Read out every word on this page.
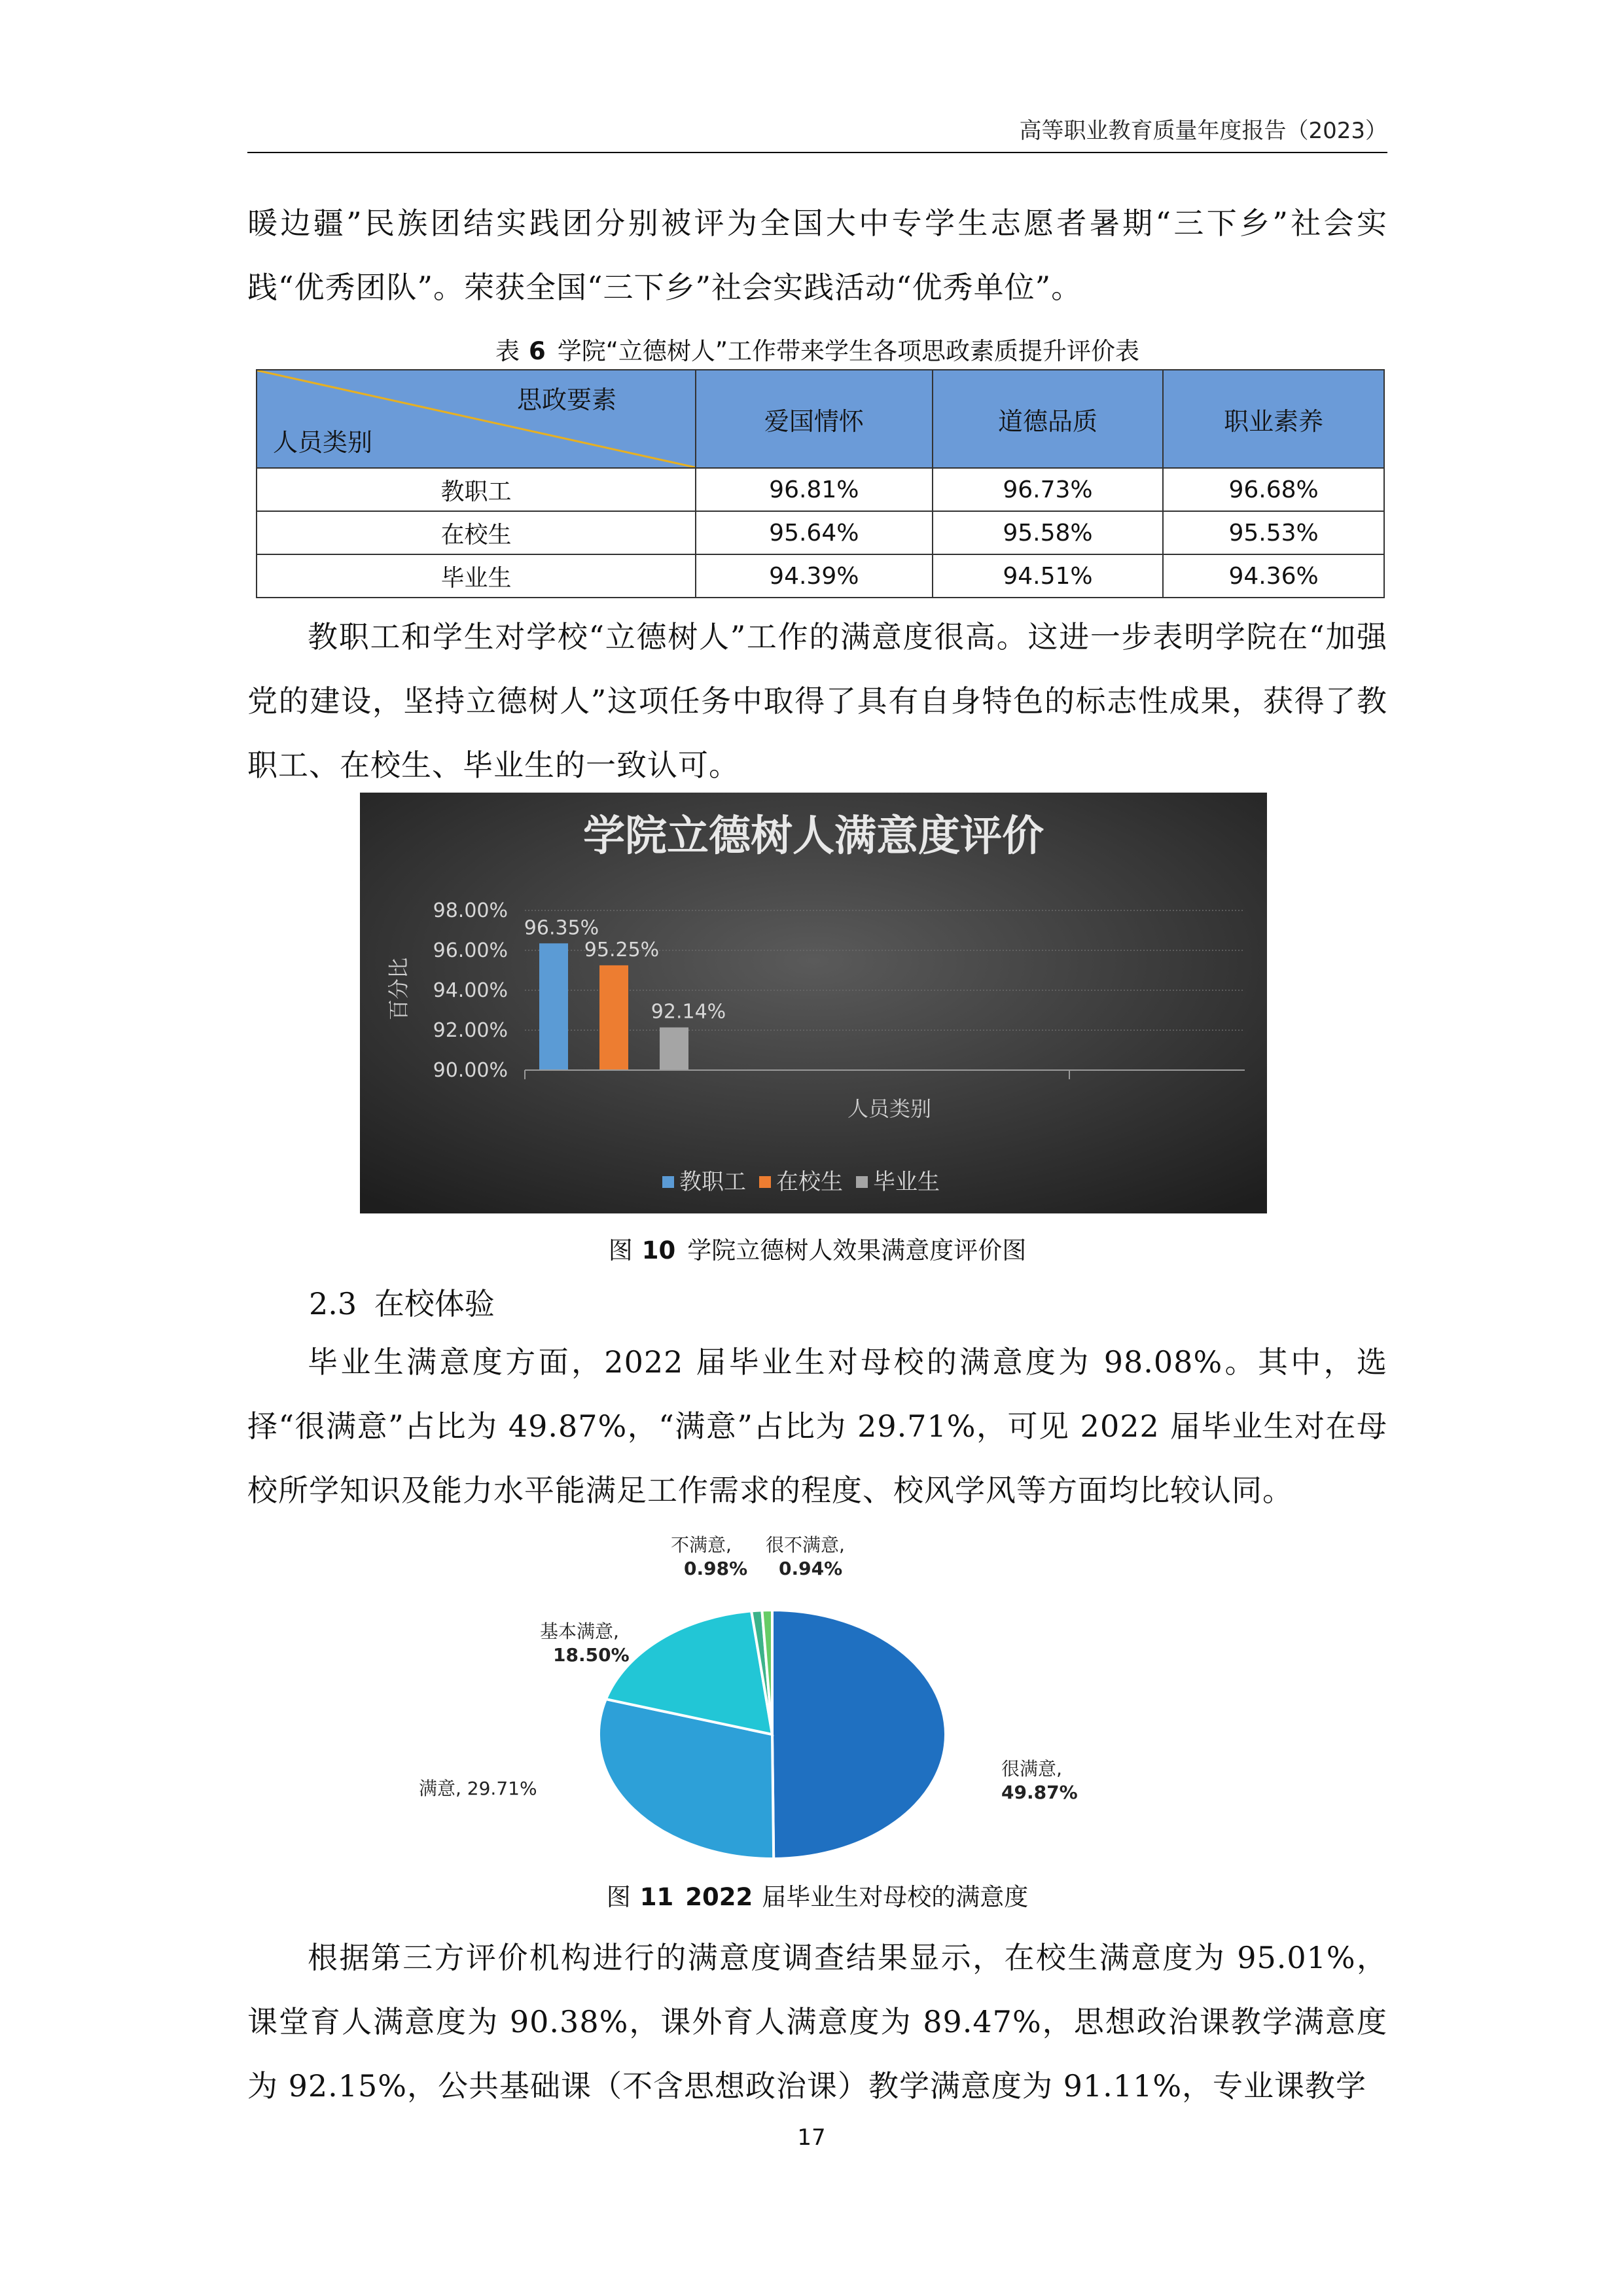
高等职业教育质量年度报告（2023）
暖边疆”民族团结实践团分别被评为全国大中专学生志愿者暑期“三下乡”社会实践“优秀团队”。荣获全国“三下乡”社会实践活动“优秀单位”。
表 6 学院“立德树人”工作带来学生各项思政素质提升评价表
思政要素
人员类别	爱国情怀	道德品质	职业素养
教职工	96.81%	96.73%	96.68%
在校生	95.64%	95.58%	95.53%
毕业生	94.39%	94.51%	94.36%
教职工和学生对学校“立德树人”工作的满意度很高。这进一步表明学院在“加强党的建设，坚持立德树人”这项任务中取得了具有自身特色的标志性成果，获得了教职工、在校生、毕业生的一致认可。
学院立德树人满意度评价
90.00%
92.00%
94.00%
96.00%
98.00%
百分比
96.35%
95.25%
92.14%
人员类别
教职工 在校生 毕业生
图 10 学院立德树人效果满意度评价图
2.3 在校体验
毕业生满意度方面，2022 届毕业生对母校的满意度为 98.08%。其中，选择“很满意”占比为 49.87%，“满意”占比为 29.71%，可见 2022 届毕业生对在母校所学知识及能力水平能满足工作需求的程度、校风学风等方面均比较认同。
很满意,
49.87%
满意, 29.71%
基本满意,
18.50%
不满意,
0.98%
很不满意,
0.94%
图 11 2022 届毕业生对母校的满意度
根据第三方评价机构进行的满意度调查结果显示，在校生满意度为 95.01%，课堂育人满意度为 90.38%，课外育人满意度为 89.47%，思想政治课教学满意度为 92.15%，公共基础课（不含思想政治课）教学满意度为 91.11%，专业课教学
17
